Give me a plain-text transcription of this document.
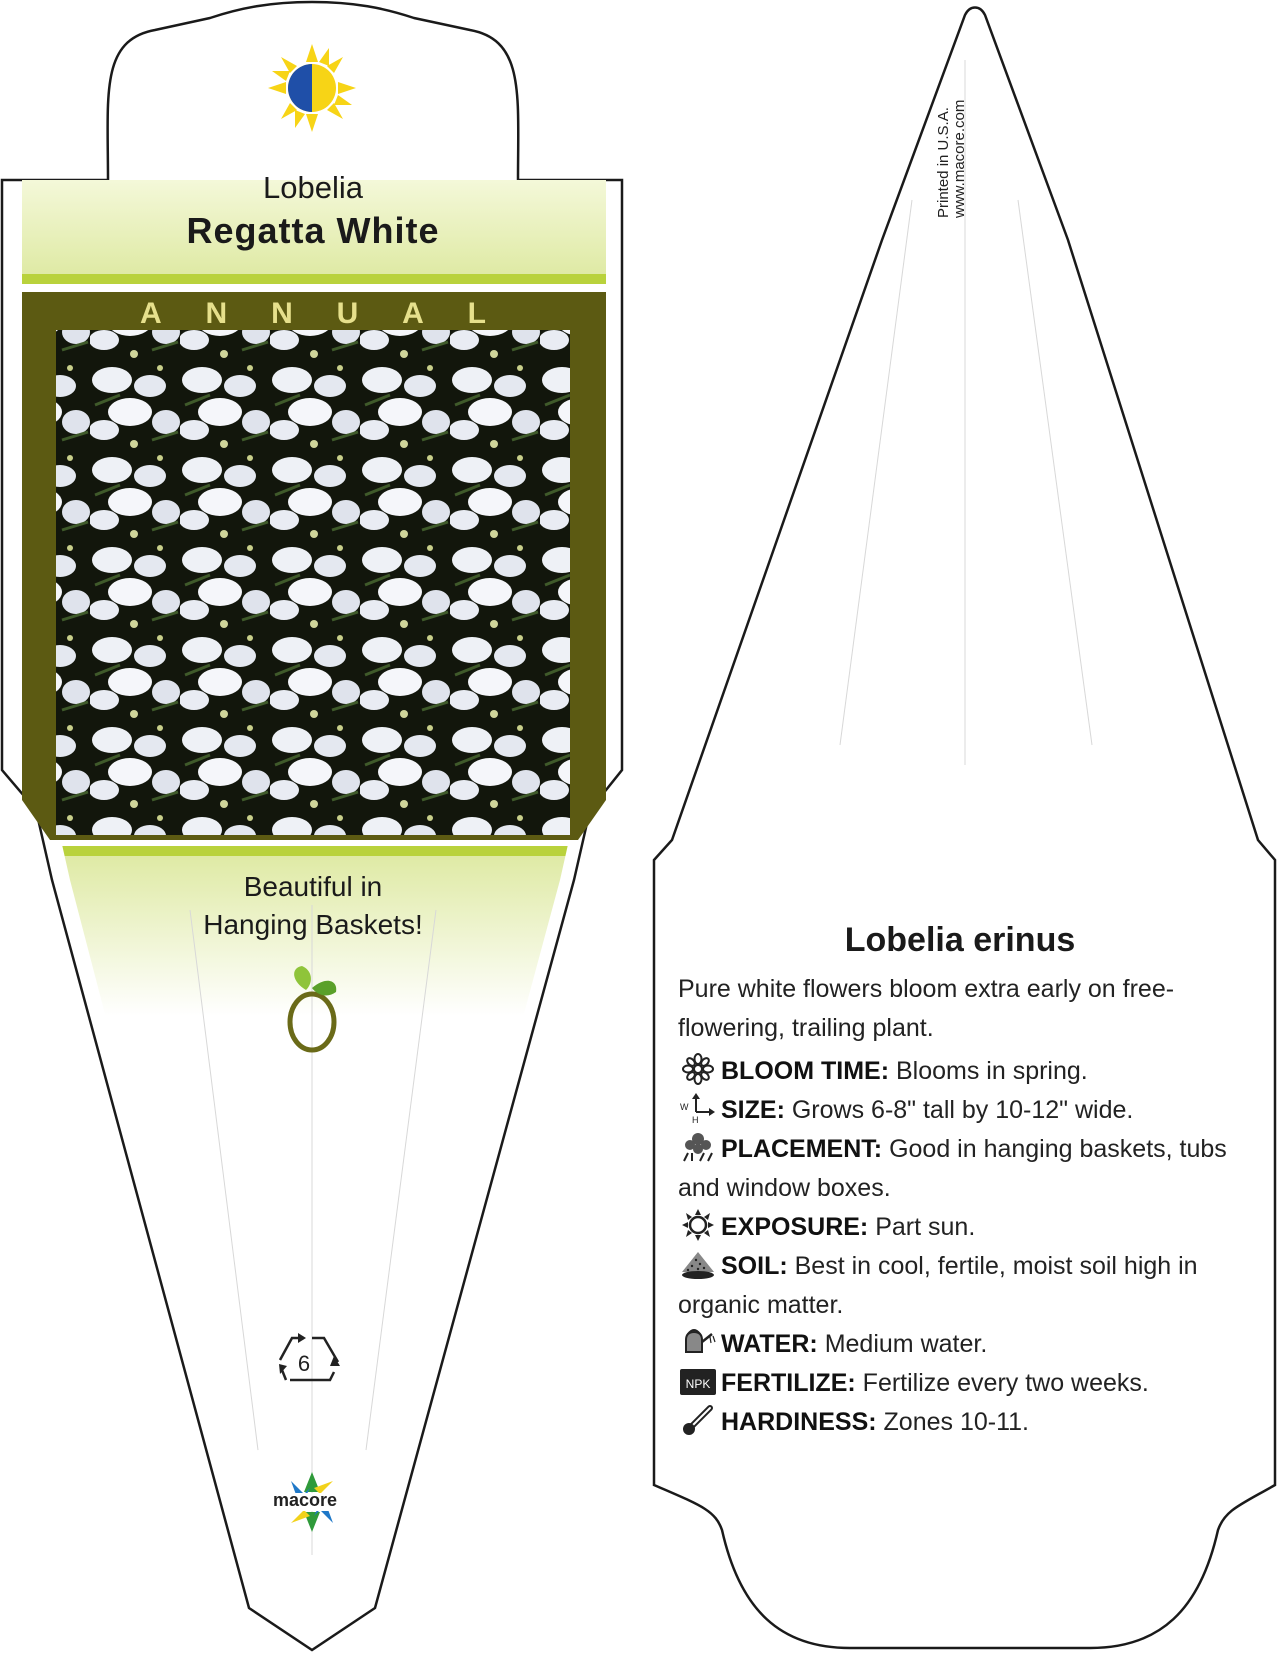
Lobelia
Regatta White
A N N U A L
Beautiful in
Hanging Baskets!
6
macore
Printed in U.S.A. www.macore.com
Lobelia erinus
Pure white flowers bloom extra early on free-flowering, trailing plant.
BLOOM TIME: Blooms in spring.
W
H SIZE: Grows 6-8" tall by 10-12" wide.
PLACEMENT: Good in hanging baskets, tubs and window boxes.
EXPOSURE: Part sun.
SOIL: Best in cool, fertile, moist soil high in organic matter.
WATER: Medium water.
NPK FERTILIZE: Fertilize every two weeks.
HARDINESS: Zones 10-11.
